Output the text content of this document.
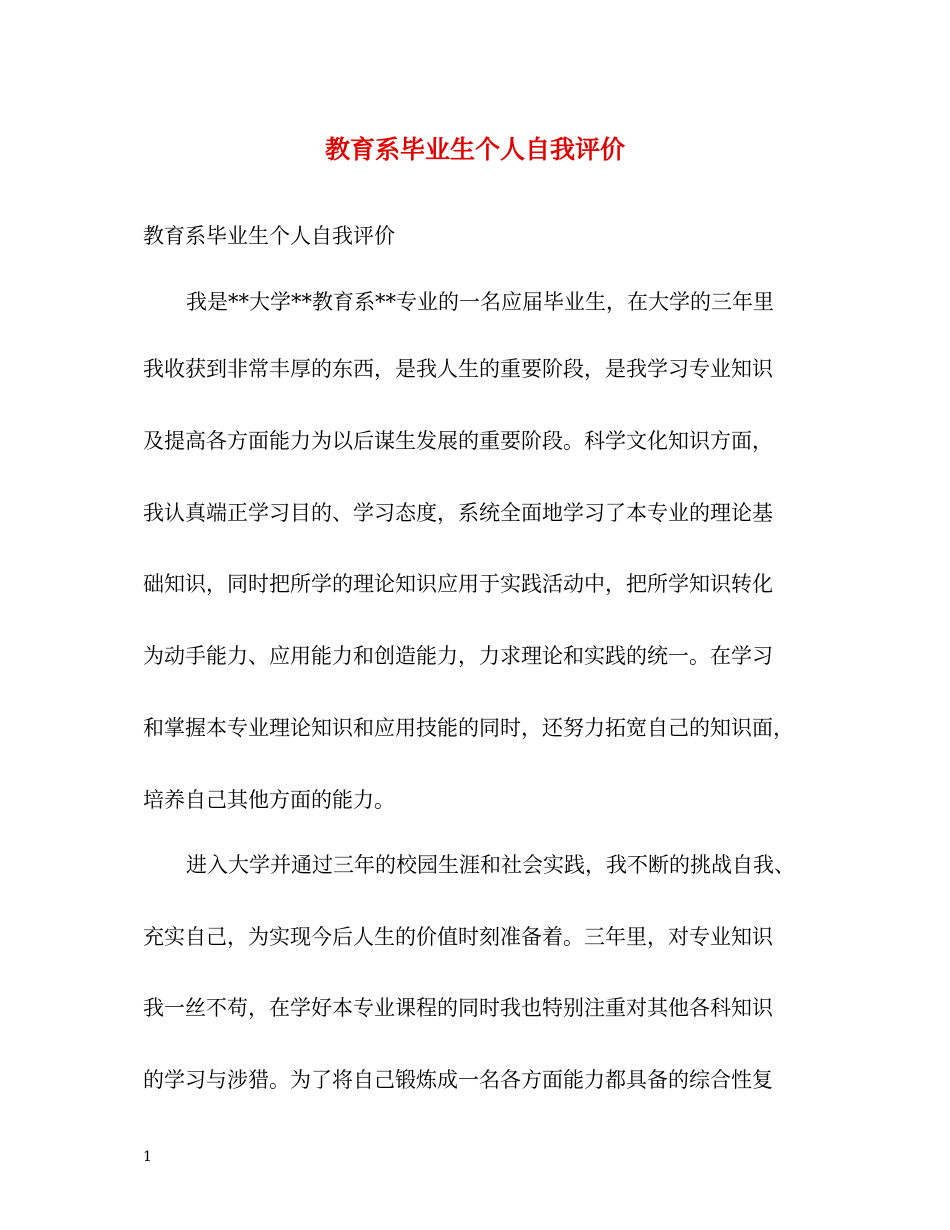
教育系毕业生个人自我评价

教育系毕业生个人自我评价

我是**大学**教育系**专业的一名应届毕业生，在大学的三年里

我收获到非常丰厚的东西，是我人生的重要阶段，是我学习专业知识

及提高各方面能力为以后谋生发展的重要阶段。科学文化知识方面，

我认真端正学习目的、学习态度，系统全面地学习了本专业的理论基

础知识，同时把所学的理论知识应用于实践活动中，把所学知识转化

为动手能力、应用能力和创造能力，力求理论和实践的统一。在学习

和掌握本专业理论知识和应用技能的同时，还努力拓宽自己的知识面，

培养自己其他方面的能力。

进入大学并通过三年的校园生涯和社会实践，我不断的挑战自我、

充实自己，为实现今后人生的价值时刻准备着。三年里，对专业知识

我一丝不苟，在学好本专业课程的同时我也特别注重对其他各科知识

的学习与涉猎。为了将自己锻炼成一名各方面能力都具备的综合性复

1
